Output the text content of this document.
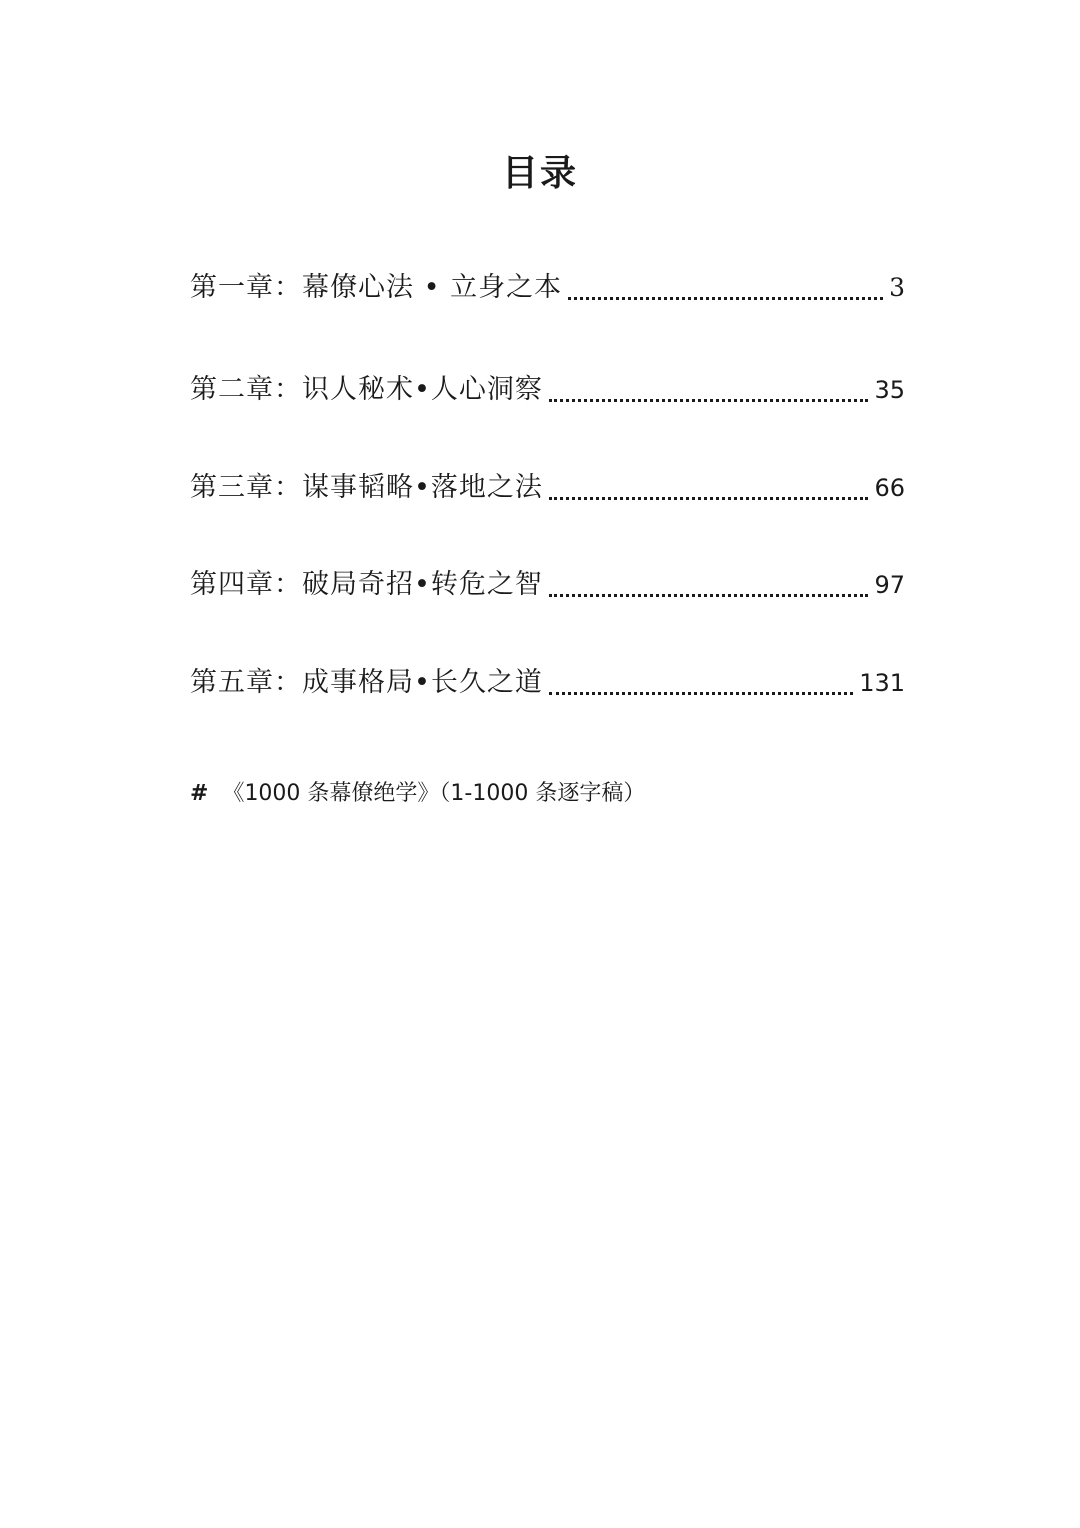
目录
第一章：幕僚心法 • 立身之本	3
第二章：识人秘术•人心洞察	35
第三章：谋事韬略•落地之法	66
第四章：破局奇招•转危之智	97
第五章：成事格局•长久之道	131
# 《1000 条幕僚绝学》（1-1000 条逐字稿）
